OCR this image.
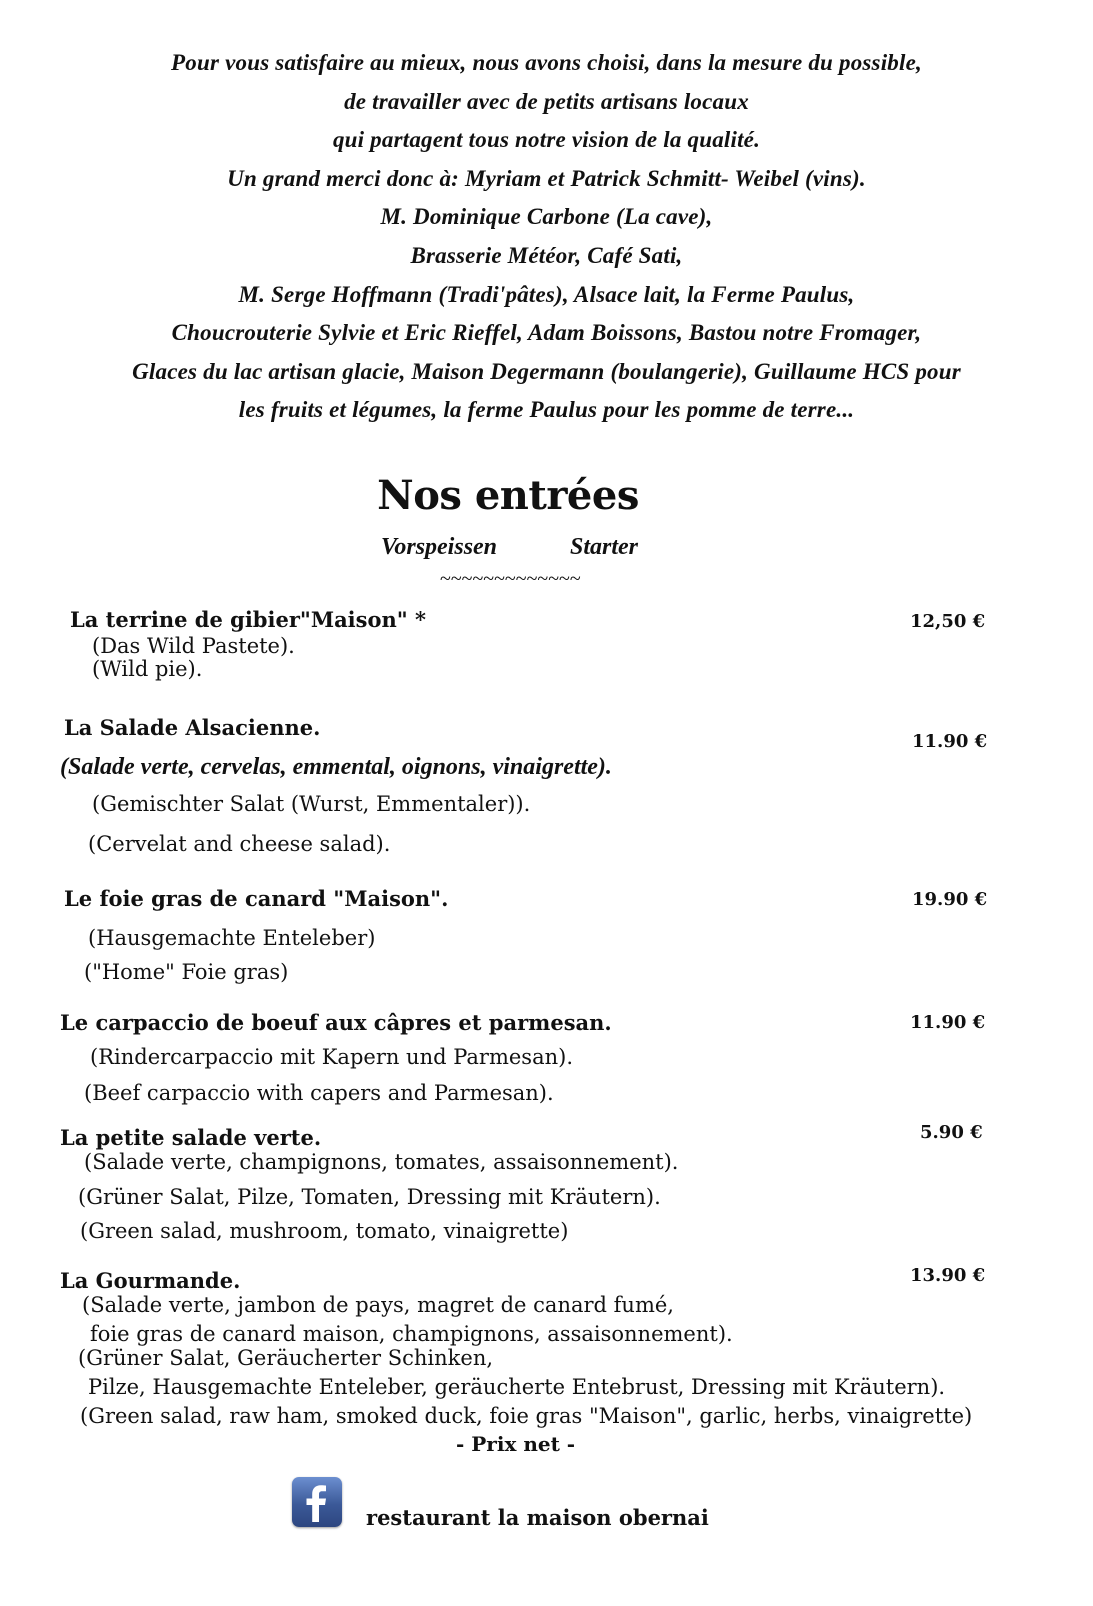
Pour vous satisfaire au mieux, nous avons choisi, dans la mesure du possible,
de travailler avec de petits artisans locaux
qui partagent tous notre vision de la qualité.
Un grand merci donc à: Myriam et Patrick Schmitt- Weibel (vins).
M. Dominique Carbone (La cave),
Brasserie Météor, Café Sati,
M. Serge Hoffmann (Tradi'pâtes), Alsace lait, la Ferme Paulus,
Choucrouterie Sylvie et Eric Rieffel, Adam Boissons, Bastou notre Fromager,
Glaces du lac artisan glacie, Maison Degermann (boulangerie), Guillaume HCS pour
les fruits et légumes, la ferme Paulus pour les pomme de terre...
Nos entrées
Vorspeissen	Starter
~~~~~~~~~~~~~
La terrine de gibier"Maison" *	12,50 €
(Das Wild Pastete).
(Wild pie).
La Salade Alsacienne.
11.90 €
(Salade verte, cervelas, emmental, oignons, vinaigrette).
(Gemischter Salat (Wurst, Emmentaler)).
(Cervelat and cheese salad).
Le foie gras de canard "Maison".	19.90 €
(Hausgemachte Enteleber)
("Home" Foie gras)
Le carpaccio de boeuf aux câpres et parmesan.	11.90 €
(Rindercarpaccio mit Kapern und Parmesan).
(Beef carpaccio with capers and Parmesan).
La petite salade verte.	5.90 €
(Salade verte, champignons, tomates, assaisonnement).
(Grüner Salat, Pilze, Tomaten, Dressing mit Kräutern).
(Green salad, mushroom, tomato, vinaigrette)
La Gourmande.	13.90 €
(Salade verte, jambon de pays, magret de canard fumé,
foie gras de canard maison, champignons, assaisonnement).
(Grüner Salat, Geräucherter Schinken,
Pilze, Hausgemachte Enteleber, geräucherte Entebrust, Dressing mit Kräutern).
(Green salad, raw ham, smoked duck, foie gras "Maison", garlic, herbs, vinaigrette)
- Prix net -
restaurant la maison obernai
